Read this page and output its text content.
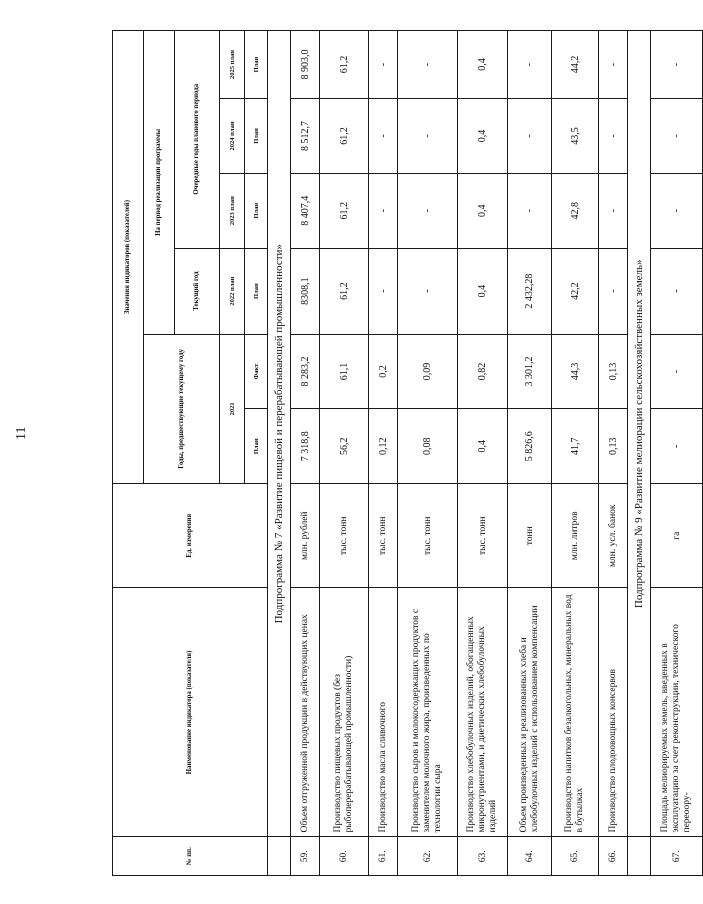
11
№ пп.	Наименование индикатора (показателя)	Ед. измерения	Значения индикаторов (показателей)					
			Годы, предшествующие текущему году		На период реализации программы			
					Текущий год	Очередные годы планового периода		
			2021		2022 план	2023 план	2024 план	2025 план
			План	Факт	План	План	План	План
	Подпрограмма № 7 «Развитие пищевой и перерабатывающей промышленности»							
59.	Объем отгруженной продукции в действующих ценах	млн. рублей	7 318,8	8 283,2	8308,1	8 407,4	8 512,7	8 903,0
60.	Производство пищевых продуктов (без рыбоперерабатывающей промышленности)	тыс. тонн	56,2	61,1	61,2	61,2	61,2	61,2
61.	Производство масла сливочного	тыс. тонн	0,12	0,2	-	-	-	-
62.	Производство сыров и молокосодержащих продуктов с заменителем молочного жира, произведенных по технологии сыра	тыс. тонн	0,08	0,09	-	-	-	-
63.	Производство хлебобулочных изделий, обогащенных микронутриентами, и диетических хлебобулочных изделий	тыс. тонн	0,4	0,82	0,4	0,4	0,4	0,4
64.	Объем произведенных и реализованных хлеба и хлебобулочных изделий с использованием компенсации	тонн	5 826,6	3 301,2	2 432,28	-	-	-
65.	Производство напитков безалкогольных, минеральных вод в бутылках	млн. литров	41,7	44,3	42,2	42,8	43,5	44,2
66.	Производство плодоовощных консервов	млн. усл. банок	0,13	0,13	-	-	-	-
	Подпрограмма № 9 «Развитие мелиорации сельскохозяйственных земель»							
67.	Площадь мелиорируемых земель, введенных в эксплуатацию за счет реконструкции, технического переоору-	га	-	-	-	-	-	-
